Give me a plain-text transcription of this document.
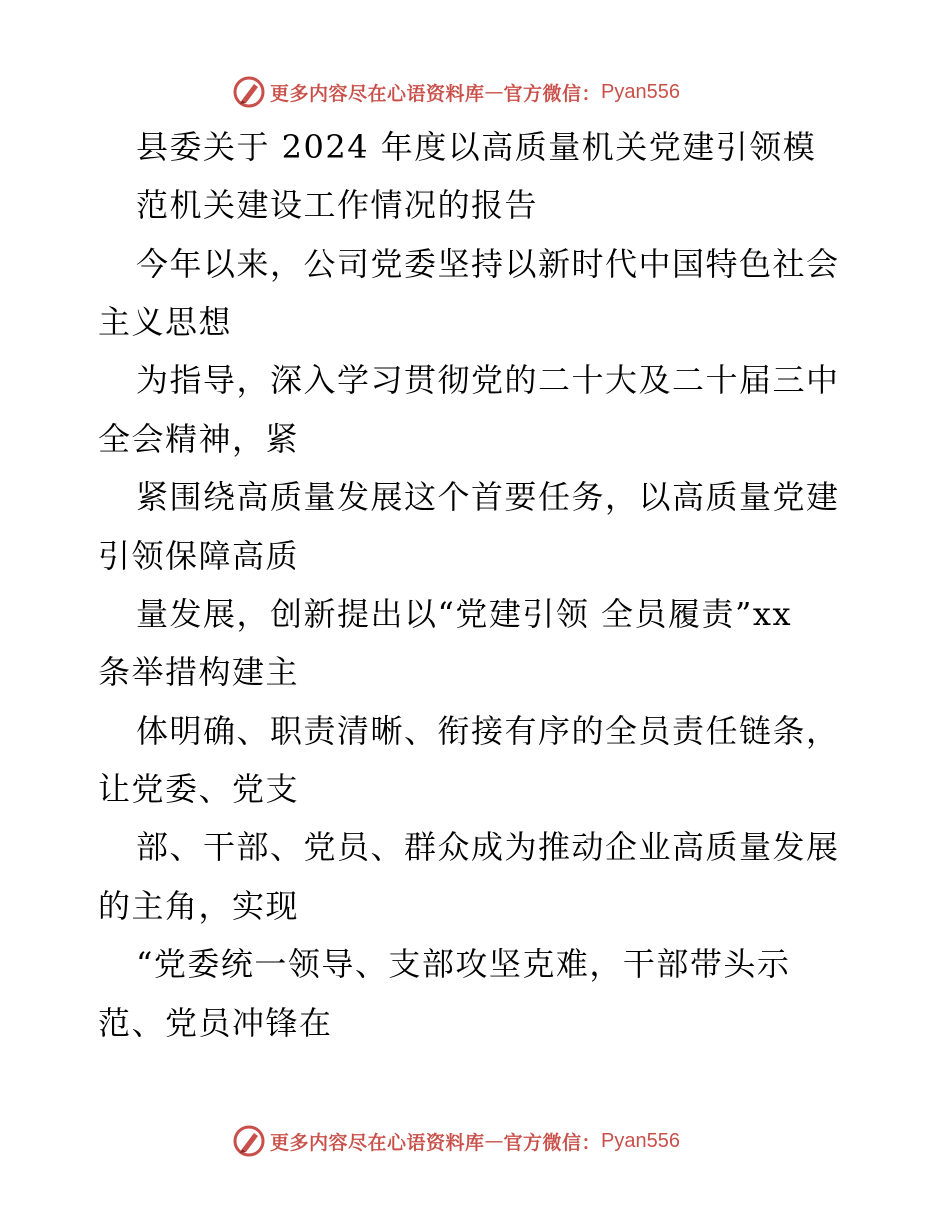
更多内容尽在心语资料库 — 官方微信： Pyan556

县委关于 2024 年度以高质量机关党建引领模

范机关建设工作情况的报告

今年以来，公司党委坚持以新时代中国特色社会

主义思想

为指导，深入学习贯彻党的二十大及二十届三中

全会精神，紧

紧围绕高质量发展这个首要任务，以高质量党建

引领保障高质

量发展，创新提出以“党建引领 全员履责”xx

条举措构建主

体明确、职责清晰、衔接有序的全员责任链条，

让党委、党支

部、干部、党员、群众成为推动企业高质量发展

的主角，实现

“党委统一领导、支部攻坚克难，干部带头示

范、党员冲锋在

更多内容尽在心语资料库 — 官方微信： Pyan556
